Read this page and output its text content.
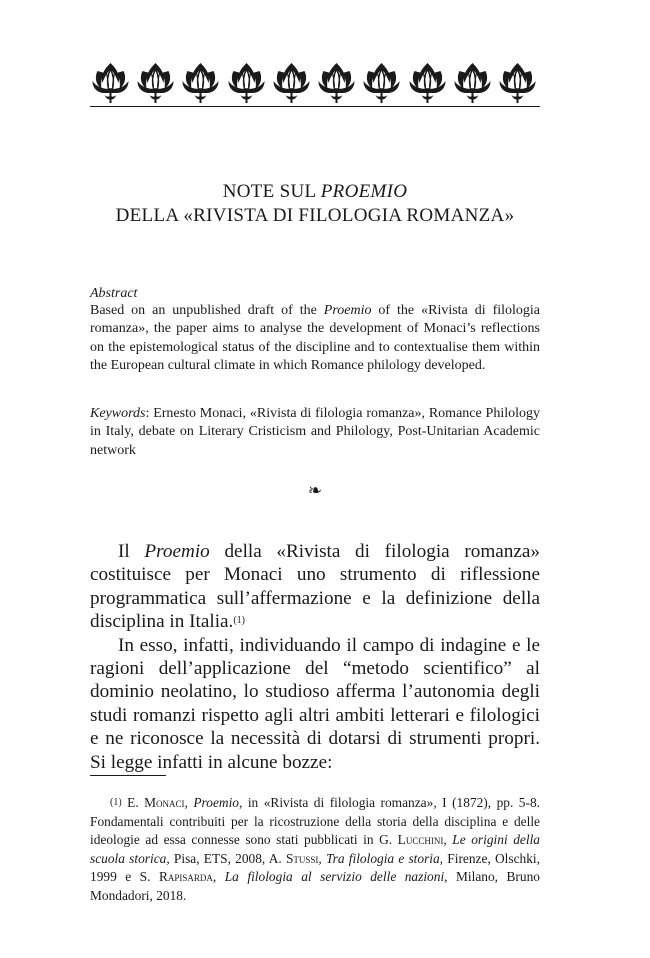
NOTE SUL PROEMIO
DELLA «RIVISTA DI FILOLOGIA ROMANZA»
Abstract
Based on an unpublished draft of the Proemio of the «Rivista di filologia romanza», the paper aims to analyse the development of Monaci’s reflections on the epistemological status of the discipline and to contextualise them within the European cultural climate in which Romance philology developed.
Keywords: Ernesto Monaci, «Rivista di filologia romanza», Romance Philology in Italy, debate on Literary Cristicism and Philology, Post-Unitarian Academic network
❧

Il Proemio della «Rivista di filologia romanza» costituisce per Monaci uno strumento di riflessione programmatica sull’affermazione e la definizione della disciplina in Italia.$^{(1)}$

In esso, infatti, individuando il campo di indagine e le ragioni dell’applicazione del “metodo scientifico” al dominio neolatino, lo studioso afferma l’autonomia degli studi romanzi rispetto agli altri ambiti letterari e filologici e ne riconosce la necessità di dotarsi di strumenti propri. Si legge infatti in alcune bozze:

$^{(1)}$ E. Monaci, Proemio, in «Rivista di filologia romanza», I (1872), pp. 5-8. Fondamentali contribuiti per la ricostruzione della storia della disciplina e delle ideologie ad essa connesse sono stati pubblicati in G. Lucchini, Le origini della scuola storica, Pisa, ETS, 2008, A. Stussi, Tra filologia e storia, Firenze, Olschki, 1999 e S. Rapisarda, La filologia al servizio delle nazioni, Milano, Bruno Mondadori, 2018.
